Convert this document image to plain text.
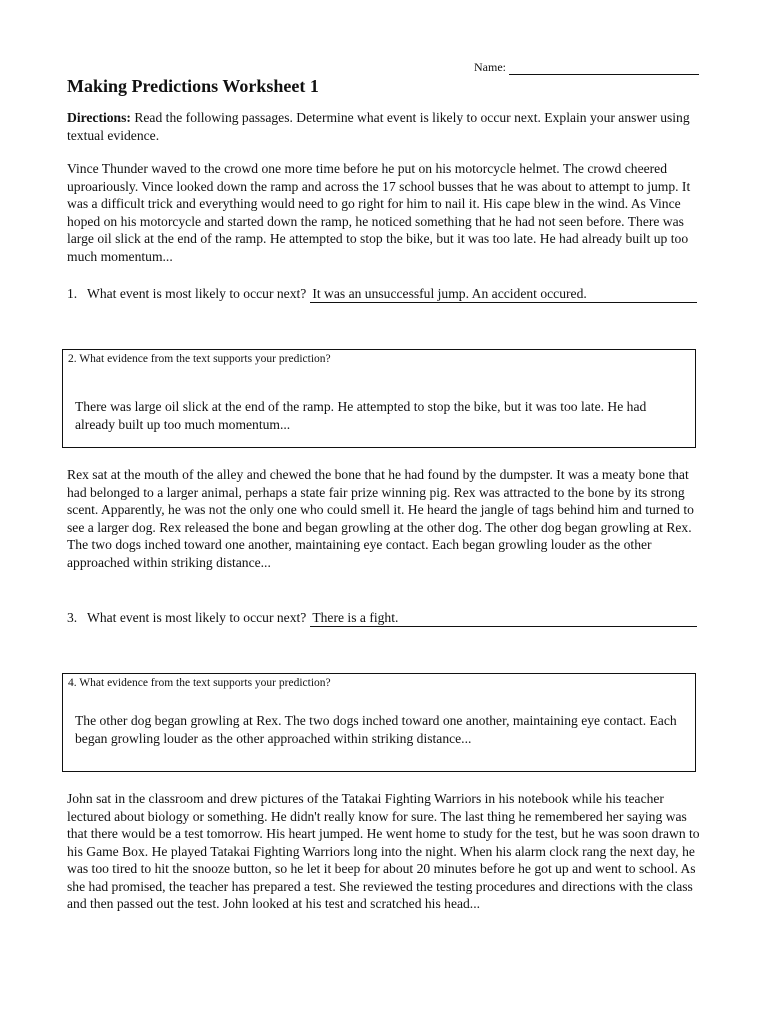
Name:
Making Predictions Worksheet 1

Directions: Read the following passages. Determine what event is likely to occur next. Explain your answer using textual evidence.

Vince Thunder waved to the crowd one more time before he put on his motorcycle helmet. The crowd cheered uproariously. Vince looked down the ramp and across the 17 school busses that he was about to attempt to jump. It was a difficult trick and everything would need to go right for him to nail it. His cape blew in the wind. As Vince hoped on his motorcycle and started down the ramp, he noticed something that he had not seen before. There was large oil slick at the end of the ramp. He attempted to stop the bike, but it was too late. He had already built up too much momentum...

1. What event is most likely to occur next? It was an unsuccessful jump. An accident occured.
2. What evidence from the text supports your prediction?
There was large oil slick at the end of the ramp. He attempted to stop the bike, but it was too late. He had already built up too much momentum...

Rex sat at the mouth of the alley and chewed the bone that he had found by the dumpster. It was a meaty bone that had belonged to a larger animal, perhaps a state fair prize winning pig. Rex was attracted to the bone by its strong scent. Apparently, he was not the only one who could smell it. He heard the jangle of tags behind him and turned to see a larger dog. Rex released the bone and began growling at the other dog. The other dog began growling at Rex. The two dogs inched toward one another, maintaining eye contact. Each began growling louder as the other approached within striking distance...

3. What event is most likely to occur next? There is a fight.
4. What evidence from the text supports your prediction?
The other dog began growling at Rex. The two dogs inched toward one another, maintaining eye contact. Each began growling louder as the other approached within striking distance...

John sat in the classroom and drew pictures of the Tatakai Fighting Warriors in his notebook while his teacher lectured about biology or something. He didn't really know for sure. The last thing he remembered her saying was that there would be a test tomorrow. His heart jumped. He went home to study for the test, but he was soon drawn to his Game Box. He played Tatakai Fighting Warriors long into the night. When his alarm clock rang the next day, he was too tired to hit the snooze button, so he let it beep for about 20 minutes before he got up and went to school. As she had promised, the teacher has prepared a test. She reviewed the testing procedures and directions with the class and then passed out the test. John looked at his test and scratched his head...
